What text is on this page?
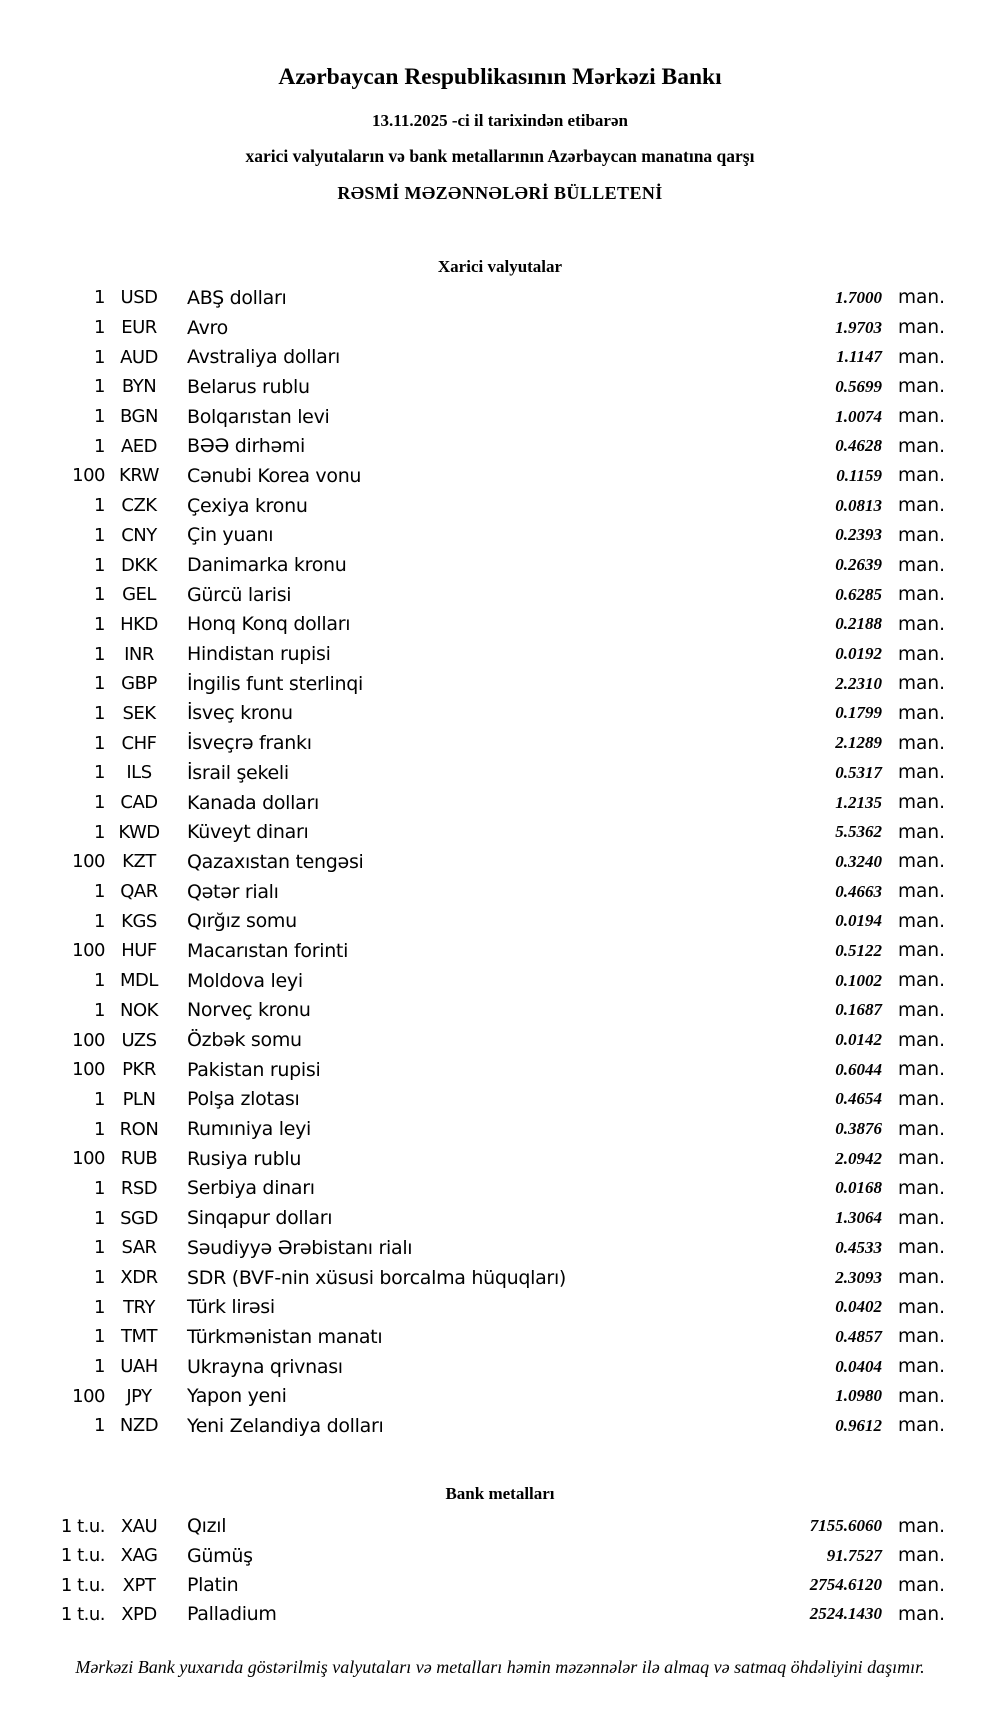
Azərbaycan Respublikasının Mərkəzi Bankı

13.11.2025 -ci il tarixindən etibarən

xarici valyutaların və bank metallarının Azərbaycan manatına qarşı

RƏSMİ MƏZƏNNƏLƏRİ BÜLLETENİ

Xarici valyutalar
1 USD	ABŞ dolları	1.7000 man.
1 EUR	Avro	1.9703 man.
1 AUD	Avstraliya dolları	1.1147 man.
1 BYN	Belarus rublu	0.5699 man.
1 BGN	Bolqarıstan levi	1.0074 man.
1 AED	BƏƏ dirhəmi	0.4628 man.
100 KRW	Cənubi Korea vonu	0.1159 man.
1 CZK	Çexiya kronu	0.0813 man.
1 CNY	Çin yuanı	0.2393 man.
1 DKK	Danimarka kronu	0.2639 man.
1 GEL	Gürcü larisi	0.6285 man.
1 HKD	Honq Konq dolları	0.2188 man.
1	INR	Hindistan rupisi	0.0192 man.
1 GBP	İngilis funt sterlinqi	2.2310 man.
1 SEK	İsveç kronu	0.1799 man.
1 CHF	İsveçrə frankı	2.1289 man.
1	ILS	İsrail şekeli	0.5317 man.
1 CAD	Kanada dolları	1.2135 man.
1 KWD	Küveyt dinarı	5.5362 man.
100 KZT	Qazaxıstan tengəsi	0.3240 man.
1 QAR	Qətər rialı	0.4663 man.
1 KGS	Qırğız somu	0.0194 man.
100 HUF	Macarıstan forinti	0.5122 man.
1 MDL	Moldova leyi	0.1002 man.
1 NOK	Norveç kronu	0.1687 man.
100 UZS	Özbək somu	0.0142 man.
100 PKR	Pakistan rupisi	0.6044 man.
1 PLN	Polşa zlotası	0.4654 man.
1 RON	Rumıniya leyi	0.3876 man.
100 RUB	Rusiya rublu	2.0942 man.
1 RSD	Serbiya dinarı	0.0168 man.
1 SGD	Sinqapur dolları	1.3064 man.
1 SAR	Səudiyyə Ərəbistanı rialı	0.4533 man.
1 XDR	SDR (BVF-nin xüsusi borcalma hüquqları)	2.3093 man.
1	TRY	Türk lirəsi	0.0402 man.
1 TMT	Türkmənistan manatı	0.4857 man.
1 UAH	Ukrayna qrivnası	0.0404 man.
100	JPY	Yapon yeni	1.0980 man.
1 NZD	Yeni Zelandiya dolları	0.9612 man.
Bank metalları
1 t.u. XAU	Qızıl	7155.6060 man.
1 t.u. XAG	Gümüş	91.7527 man.
1 t.u. XPT	Platin	2754.6120 man.
1 t.u. XPD	Palladium	2524.1430 man.

Mərkəzi Bank yuxarıda göstərilmiş valyutaları və metalları həmin məzənnələr ilə almaq və satmaq öhdəliyini daşımır.
